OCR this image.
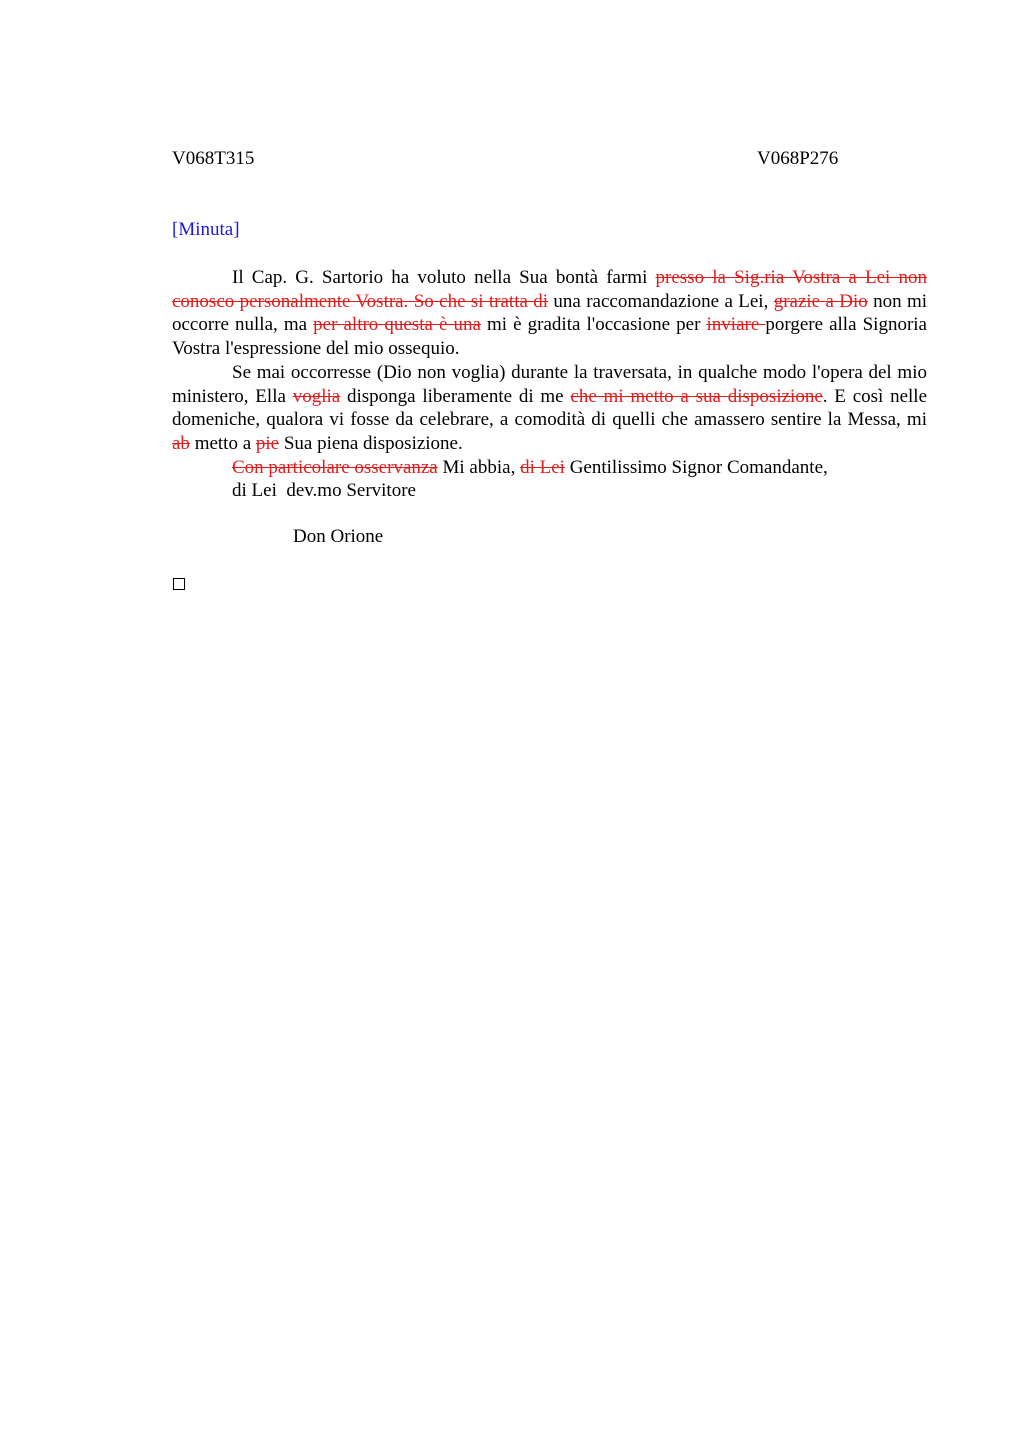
V068T315	V068P276
[Minuta]

Il Cap. G. Sartorio ha voluto nella Sua bontà farmi presso la Sig.ria Vostra a Lei non conosco personalmente Vostra. So che si tratta di una raccomandazione a Lei, grazie a Dio non mi occorre nulla, ma per altro questa è una mi è gradita l'occasione per inviare porgere alla Signoria Vostra l'espressione del mio ossequio.

Se mai occorresse (Dio non voglia) durante la traversata, in qualche modo l'opera del mio ministero, Ella voglia disponga liberamente di me che mi metto a sua disposizione. E così nelle domeniche, qualora vi fosse da celebrare, a comodità di quelli che amassero sentire la Messa, mi ab metto a pie Sua piena disposizione.

Con particolare osservanza Mi abbia, di Lei Gentilissimo Signor Comandante,

di Lei  dev.mo Servitore

Don Orione
